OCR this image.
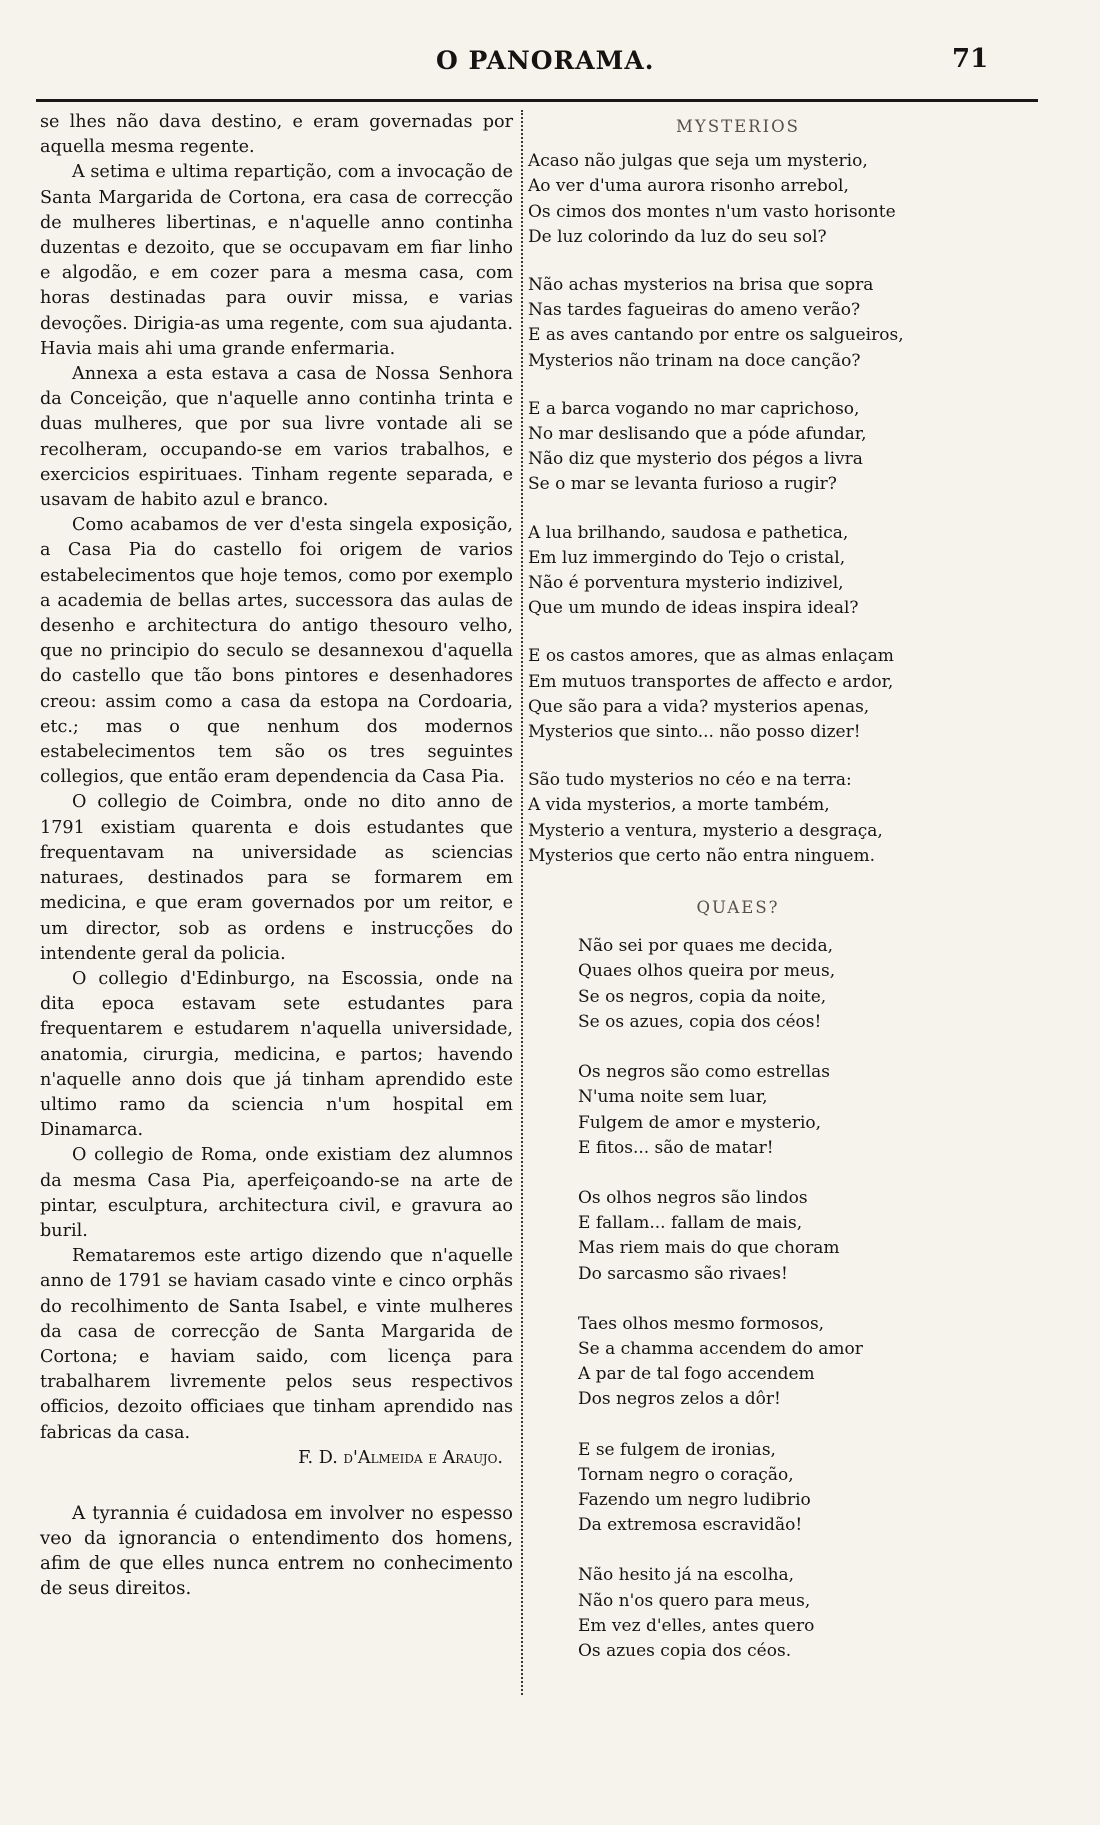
O PANORAMA.	71

se lhes não dava destino, e eram governadas por aquella mesma regente.

A setima e ultima repartição, com a invocação de Santa Margarida de Cortona, era casa de correcção de mulheres libertinas, e n'aquelle anno continha duzentas e dezoito, que se occupavam em fiar linho e algodão, e em cozer para a mesma casa, com horas destinadas para ouvir missa, e varias devoções. Dirigia-as uma regente, com sua ajudanta. Havia mais ahi uma grande enfermaria.

Annexa a esta estava a casa de Nossa Senhora da Conceição, que n'aquelle anno continha trinta e duas mulheres, que por sua livre vontade ali se recolheram, occupando-se em varios trabalhos, e exercicios espirituaes. Tinham regente separada, e usavam de habito azul e branco.

Como acabamos de ver d'esta singela exposição, a Casa Pia do castello foi origem de varios estabelecimentos que hoje temos, como por exemplo a academia de bellas artes, successora das aulas de desenho e architectura do antigo thesouro velho, que no principio do seculo se desannexou d'aquella do castello que tão bons pintores e desenhadores creou: assim como a casa da estopa na Cordoaria, etc.; mas o que nenhum dos modernos estabelecimentos tem são os tres seguintes collegios, que então eram dependencia da Casa Pia.

O collegio de Coimbra, onde no dito anno de 1791 existiam quarenta e dois estudantes que frequentavam na universidade as sciencias naturaes, destinados para se formarem em medicina, e que eram governados por um reitor, e um director, sob as ordens e instrucções do intendente geral da policia.

O collegio d'Edinburgo, na Escossia, onde na dita epoca estavam sete estudantes para frequentarem e estudarem n'aquella universidade, anatomia, cirurgia, medicina, e partos; havendo n'aquelle anno dois que já tinham aprendido este ultimo ramo da sciencia n'um hospital em Dinamarca.

O collegio de Roma, onde existiam dez alumnos da mesma Casa Pia, aperfeiçoando-se na arte de pintar, esculptura, architectura civil, e gravura ao buril.

Remataremos este artigo dizendo que n'aquelle anno de 1791 se haviam casado vinte e cinco orphãs do recolhimento de Santa Isabel, e vinte mulheres da casa de correcção de Santa Margarida de Cortona; e haviam saido, com licença para trabalharem livremente pelos seus respectivos officios, dezoito officiaes que tinham aprendido nas fabricas da casa.

F. D. d'Almeida e Araujo.

A tyrannia é cuidadosa em involver no espesso veo da ignorancia o entendimento dos homens, afim de que elles nunca entrem no conhecimento de seus direitos.

MYSTERIOS
Acaso não julgas que seja um mysterio,
Ao ver d'uma aurora risonho arrebol,
Os cimos dos montes n'um vasto horisonte
De luz colorindo da luz do seu sol?
Não achas mysterios na brisa que sopra
Nas tardes fagueiras do ameno verão?
E as aves cantando por entre os salgueiros,
Mysterios não trinam na doce canção?
E a barca vogando no mar caprichoso,
No mar deslisando que a póde afundar,
Não diz que mysterio dos pégos a livra
Se o mar se levanta furioso a rugir?
A lua brilhando, saudosa e pathetica,
Em luz immergindo do Tejo o cristal,
Não é porventura mysterio indizivel,
Que um mundo de ideas inspira ideal?
E os castos amores, que as almas enlaçam
Em mutuos transportes de affecto e ardor,
Que são para a vida? mysterios apenas,
Mysterios que sinto... não posso dizer!
São tudo mysterios no céo e na terra:
A vida mysterios, a morte também,
Mysterio a ventura, mysterio a desgraça,
Mysterios que certo não entra ninguem.
QUAES?
Não sei por quaes me decida,
Quaes olhos queira por meus,
Se os negros, copia da noite,
Se os azues, copia dos céos!
Os negros são como estrellas
N'uma noite sem luar,
Fulgem de amor e mysterio,
E fitos... são de matar!
Os olhos negros são lindos
E fallam... fallam de mais,
Mas riem mais do que choram
Do sarcasmo são rivaes!
Taes olhos mesmo formosos,
Se a chamma accendem do amor
A par de tal fogo accendem
Dos negros zelos a dôr!
E se fulgem de ironias,
Tornam negro o coração,
Fazendo um negro ludibrio
Da extremosa escravidão!
Não hesito já na escolha,
Não n'os quero para meus,
Em vez d'elles, antes quero
Os azues copia dos céos.
